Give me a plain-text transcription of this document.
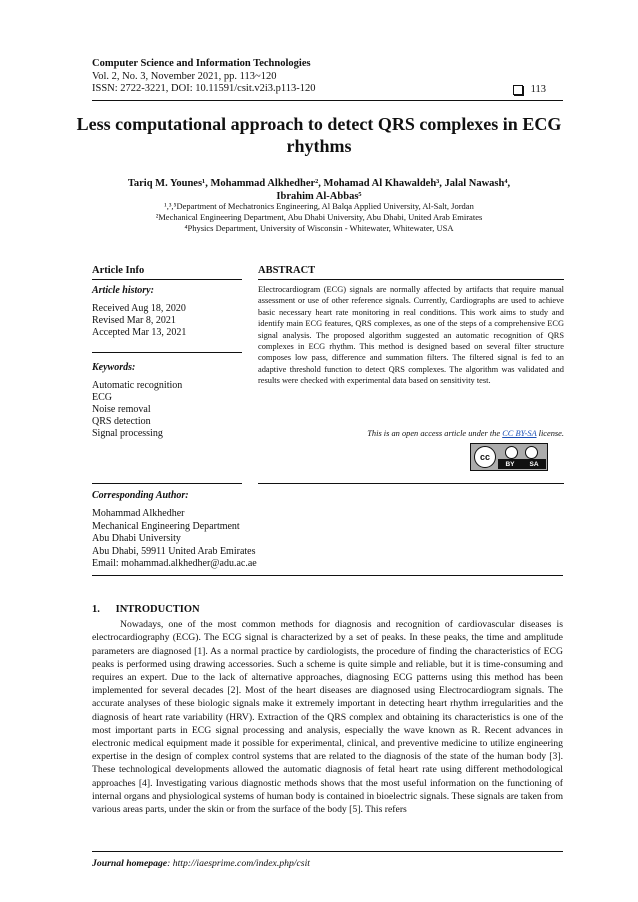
Computer Science and Information Technologies
Vol. 2, No. 3, November 2021, pp. 113~120
ISSN: 2722-3221, DOI: 10.11591/csit.v2i3.p113-120	113
Less computational approach to detect QRS complexes in ECG
rhythms
Tariq M. Younes¹, Mohammad Alkhedher², Mohamad Al Khawaldeh³, Jalal Nawash⁴,
Ibrahim Al-Abbas⁵
¹,³,⁵Department of Mechatronics Engineering, Al Balqa Applied University, Al-Salt, Jordan
²Mechanical Engineering Department, Abu Dhabi University, Abu Dhabi, United Arab Emirates
⁴Physics Department, University of Wisconsin - Whitewater, Whitewater, USA
Article Info	ABSTRACT
Article history:
Received Aug 18, 2020
Revised Mar 8, 2021
Accepted Mar 13, 2021
Keywords:
Automatic recognition
ECG
Noise removal
QRS detection
Signal processing
Electrocardiogram (ECG) signals are normally affected by artifacts that require manual assessment or use of other reference signals. Currently, Cardiographs are used to achieve basic necessary heart rate monitoring in real conditions. This work aims to study and identify main ECG features, QRS complexes, as one of the steps of a comprehensive ECG signal analysis. The proposed algorithm suggested an automatic recognition of QRS complexes in ECG rhythm. This method is designed based on several filter structure composes low pass, difference and summation filters. The filtered signal is fed to an adaptive threshold function to detect QRS complexes. The algorithm was validated and results were checked with experimental data based on sensitivity test.
This is an open access article under the CC BY-SA license.
cc
BY SA
Corresponding Author:
Mohammad Alkhedher
Mechanical Engineering Department
Abu Dhabi University
Abu Dhabi, 59911 United Arab Emirates
Email: mohammad.alkhedher@adu.ac.ae
1.      INTRODUCTION

Nowadays, one of the most common methods for diagnosis and recognition of cardiovascular diseases is electrocardiography (ECG). The ECG signal is characterized by a set of peaks. In these peaks, the time and amplitude parameters are diagnosed [1]. As a normal practice by cardiologists, the procedure of finding the characteristics of ECG peaks is performed using drawing accessories. Such a scheme is quite simple and reliable, but it is time-consuming and requires an expert. Due to the lack of alternative approaches, diagnosing ECG patterns using this method has been implemented for several decades [2]. Most of the heart diseases are diagnosed using Electrocardiogram signals. The accurate analyses of these biologic signals make it extremely important in detecting heart rhythm irregularities and the diagnosis of heart rate variability (HRV). Extraction of the QRS complex and obtaining its characteristics is one of the most important parts in ECG signal processing and analysis, especially the wave known as R. Recent advances in electronic medical equipment made it possible for experimental, clinical, and preventive medicine to utilize engineering expertise in the design of complex control systems that are related to the diagnosis of the state of the human body [3]. These technological developments allowed the automatic diagnosis of fetal heart rate using different methodological approaches [4]. Investigating various diagnostic methods shows that the most useful information on the functioning of internal organs and physiological systems of human body is contained in bioelectric signals. These signals are taken from various areas parts, under the skin or from the surface of the body [5]. This refers

Journal homepage: http://iaesprime.com/index.php/csit
